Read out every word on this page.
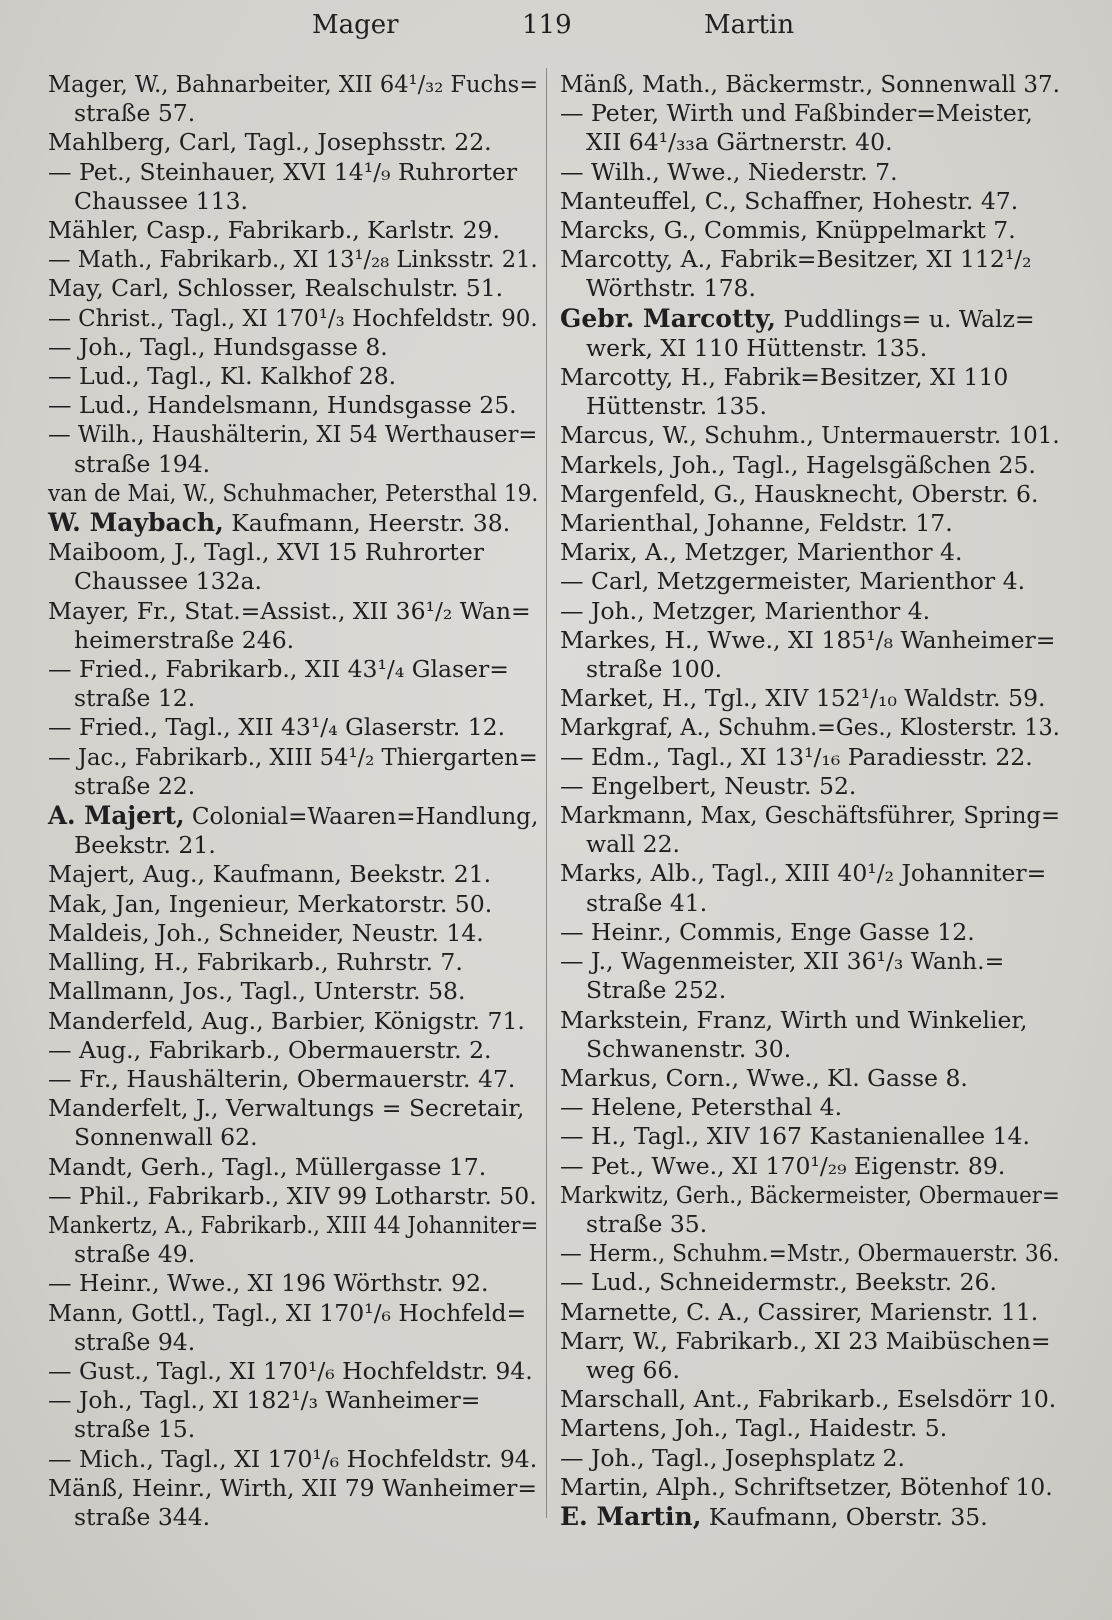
Mager	119	Martin
Mager, W., Bahnarbeiter, XII 64¹/₃₂ Fuchs=
straße 57.
Mahlberg, Carl, Tagl., Josephsstr. 22.
— Pet., Steinhauer, XVI 14¹/₉ Ruhrorter
Chaussee 113.
Mähler, Casp., Fabrikarb., Karlstr. 29.
— Math., Fabrikarb., XI 13¹/₂₈ Linksstr. 21.
May, Carl, Schlosser, Realschulstr. 51.
— Christ., Tagl., XI 170¹/₃ Hochfeldstr. 90.
— Joh., Tagl., Hundsgasse 8.
— Lud., Tagl., Kl. Kalkhof 28.
— Lud., Handelsmann, Hundsgasse 25.
— Wilh., Haushälterin, XI 54 Werthauser=
straße 194.
van de Mai, W., Schuhmacher, Petersthal 19.
W. Maybach, Kaufmann, Heerstr. 38.
Maiboom, J., Tagl., XVI 15 Ruhrorter
Chaussee 132a.
Mayer, Fr., Stat.=Assist., XII 36¹/₂ Wan=
heimerstraße 246.
— Fried., Fabrikarb., XII 43¹/₄ Glaser=
straße 12.
— Fried., Tagl., XII 43¹/₄ Glaserstr. 12.
— Jac., Fabrikarb., XIII 54¹/₂ Thiergarten=
straße 22.
A. Majert, Colonial=Waaren=Handlung,
Beekstr. 21.
Majert, Aug., Kaufmann, Beekstr. 21.
Mak, Jan, Ingenieur, Merkatorstr. 50.
Maldeis, Joh., Schneider, Neustr. 14.
Malling, H., Fabrikarb., Ruhrstr. 7.
Mallmann, Jos., Tagl., Unterstr. 58.
Manderfeld, Aug., Barbier, Königstr. 71.
— Aug., Fabrikarb., Obermauerstr. 2.
— Fr., Haushälterin, Obermauerstr. 47.
Manderfelt, J., Verwaltungs = Secretair,
Sonnenwall 62.
Mandt, Gerh., Tagl., Müllergasse 17.
— Phil., Fabrikarb., XIV 99 Lotharstr. 50.
Mankertz, A., Fabrikarb., XIII 44 Johanniter=
straße 49.
— Heinr., Wwe., XI 196 Wörthstr. 92.
Mann, Gottl., Tagl., XI 170¹/₆ Hochfeld=
straße 94.
— Gust., Tagl., XI 170¹/₆ Hochfeldstr. 94.
— Joh., Tagl., XI 182¹/₃ Wanheimer=
straße 15.
— Mich., Tagl., XI 170¹/₆ Hochfeldstr. 94.
Mänß, Heinr., Wirth, XII 79 Wanheimer=
straße 344.
Mänß, Math., Bäckermstr., Sonnenwall 37.
— Peter, Wirth und Faßbinder=Meister,
XII 64¹/₃₃a Gärtnerstr. 40.
— Wilh., Wwe., Niederstr. 7.
Manteuffel, C., Schaffner, Hohestr. 47.
Marcks, G., Commis, Knüppelmarkt 7.
Marcotty, A., Fabrik=Besitzer, XI 112¹/₂
Wörthstr. 178.
Gebr. Marcotty, Puddlings= u. Walz=
werk, XI 110 Hüttenstr. 135.
Marcotty, H., Fabrik=Besitzer, XI 110
Hüttenstr. 135.
Marcus, W., Schuhm., Untermauerstr. 101.
Markels, Joh., Tagl., Hagelsgäßchen 25.
Margenfeld, G., Hausknecht, Oberstr. 6.
Marienthal, Johanne, Feldstr. 17.
Marix, A., Metzger, Marienthor 4.
— Carl, Metzgermeister, Marienthor 4.
— Joh., Metzger, Marienthor 4.
Markes, H., Wwe., XI 185¹/₈ Wanheimer=
straße 100.
Market, H., Tgl., XIV 152¹/₁₀ Waldstr. 59.
Markgraf, A., Schuhm.=Ges., Klosterstr. 13.
— Edm., Tagl., XI 13¹/₁₆ Paradiesstr. 22.
— Engelbert, Neustr. 52.
Markmann, Max, Geschäftsführer, Spring=
wall 22.
Marks, Alb., Tagl., XIII 40¹/₂ Johanniter=
straße 41.
— Heinr., Commis, Enge Gasse 12.
— J., Wagenmeister, XII 36¹/₃ Wanh.=
Straße 252.
Markstein, Franz, Wirth und Winkelier,
Schwanenstr. 30.
Markus, Corn., Wwe., Kl. Gasse 8.
— Helene, Petersthal 4.
— H., Tagl., XIV 167 Kastanienallee 14.
— Pet., Wwe., XI 170¹/₂₉ Eigenstr. 89.
Markwitz, Gerh., Bäckermeister, Obermauer=
straße 35.
— Herm., Schuhm.=Mstr., Obermauerstr. 36.
— Lud., Schneidermstr., Beekstr. 26.
Marnette, C. A., Cassirer, Marienstr. 11.
Marr, W., Fabrikarb., XI 23 Maibüschen=
weg 66.
Marschall, Ant., Fabrikarb., Eselsdörr 10.
Martens, Joh., Tagl., Haidestr. 5.
— Joh., Tagl., Josephsplatz 2.
Martin, Alph., Schriftsetzer, Bötenhof 10.
E. Martin, Kaufmann, Oberstr. 35.
